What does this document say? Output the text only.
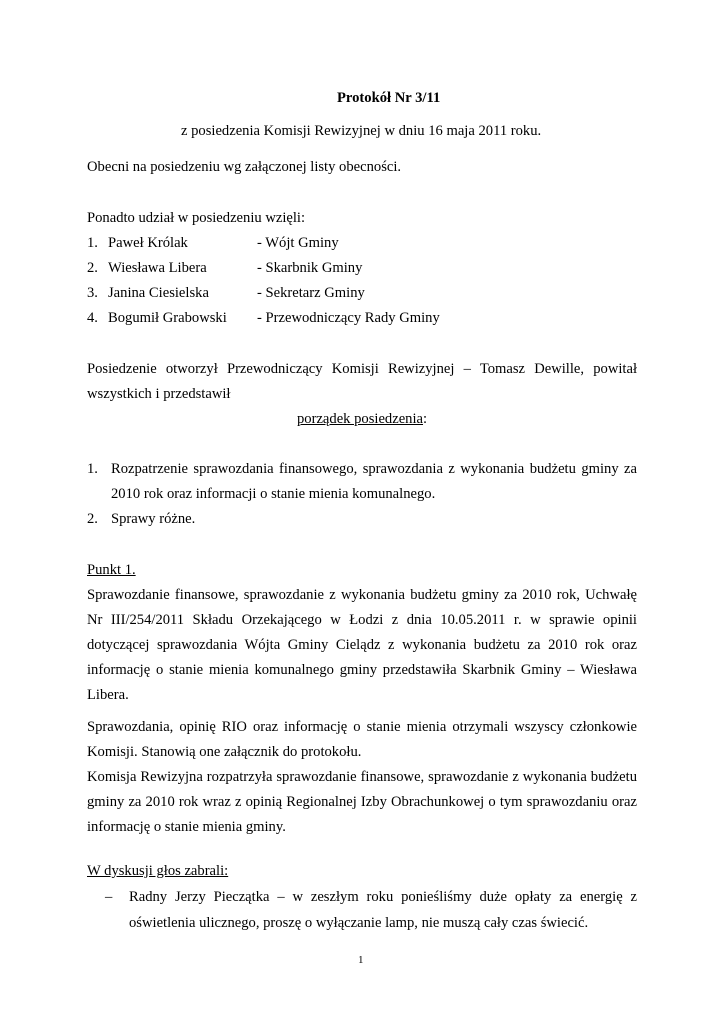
Protokół Nr 3/11
z posiedzenia Komisji Rewizyjnej w dniu 16 maja 2011 roku.
Obecni na posiedzeniu wg załączonej listy obecności.
Ponadto udział w posiedzeniu wzięli:
1. Paweł Królak	- Wójt Gminy
2. Wiesława Libera	- Skarbnik Gminy
3. Janina Ciesielska	- Sekretarz Gminy
4. Bogumił Grabowski - Przewodniczący Rady Gminy
Posiedzenie otworzył Przewodniczący Komisji Rewizyjnej – Tomasz Dewille, powitał
wszystkich i przedstawił
porządek posiedzenia:
1. Rozpatrzenie sprawozdania finansowego, sprawozdania z wykonania budżetu gminy za
2010 rok oraz informacji o stanie mienia komunalnego.
2. Sprawy różne.
Punkt 1.
Sprawozdanie finansowe, sprawozdanie z wykonania budżetu gminy za 2010 rok, Uchwałę
Nr III/254/2011 Składu Orzekającego w Łodzi z dnia 10.05.2011 r. w sprawie opinii
dotyczącej sprawozdania Wójta Gminy Cielądz z wykonania budżetu za 2010 rok oraz
informację o stanie mienia komunalnego gminy przedstawiła Skarbnik Gminy – Wiesława
Libera.
Sprawozdania, opinię RIO oraz informację o stanie mienia otrzymali wszyscy członkowie
Komisji. Stanowią one załącznik do protokołu.
Komisja Rewizyjna rozpatrzyła sprawozdanie finansowe, sprawozdanie z wykonania budżetu
gminy za 2010 rok wraz z opinią Regionalnej Izby Obrachunkowej o tym sprawozdaniu oraz
informację o stanie mienia gminy.
W dyskusji głos zabrali:
– Radny Jerzy Pieczątka – w zeszłym roku ponieśliśmy duże opłaty za energię z
oświetlenia ulicznego, proszę o wyłączanie lamp, nie muszą cały czas świecić.
1
